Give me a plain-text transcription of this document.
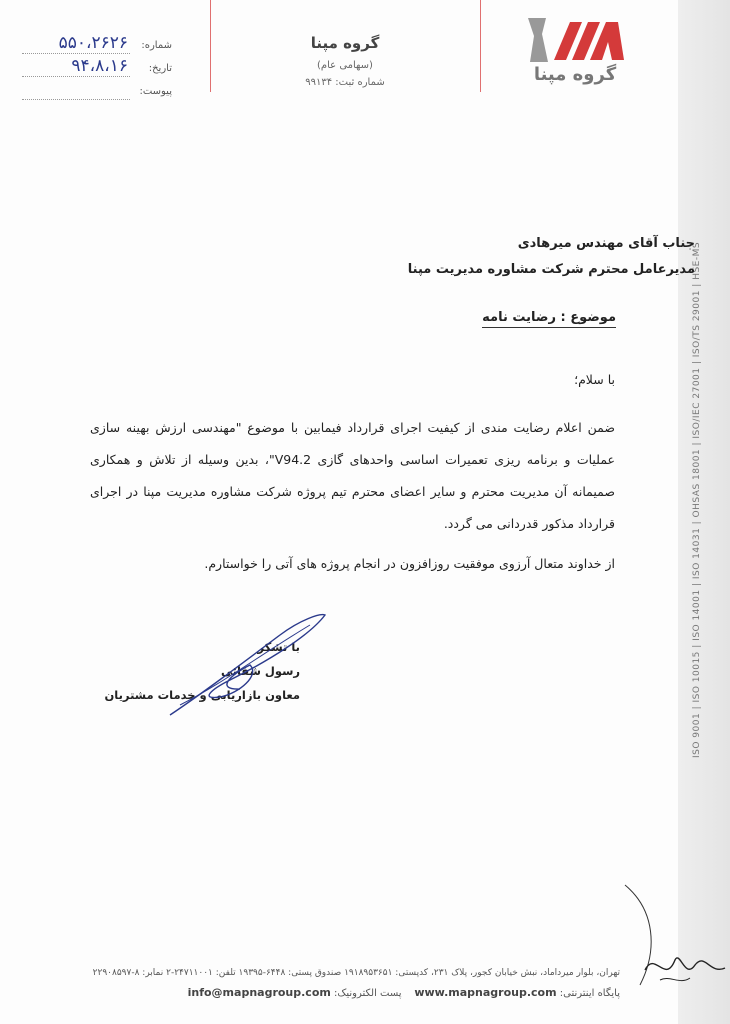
ISO 9001 | ISO 10015 | ISO 14001 | ISO 14031 | OHSAS 18001 | ISO/IEC 27001 | ISO/TS 29001 | HSE-MS
شماره:
۵۵۰،۲۶۲۶
تاریخ:
۹۴،۸،۱۶
پیوست:
گروه مپنا
(سهامی عام)
شماره ثبت: ۹۹۱۳۴	گروه مپنا
جناب آقای مهندس میرهادی
مدیرعامل محترم شرکت مشاوره مدیریت مپنا
موضوع : رضایت نامه
با سلام؛
ضمن اعلام رضایت مندی از کیفیت اجرای قرارداد فیمابین با موضوع "مهندسی ارزش بهینه سازی عملیات و برنامه ریزی تعمیرات اساسی واحدهای گازی V94.2"، بدین وسیله از تلاش و همکاری صمیمانه آن مدیریت محترم و سایر اعضای محترم تیم پروژه شرکت مشاوره مدیریت مپنا در اجرای قرارداد مذکور قدردانی می گردد.
از خداوند متعال آرزوی موفقیت روزافزون در انجام پروژه های آتی را خواستارم.
با تشکر
رسول شفائی
معاون بازاریابی و خدمات مشتریان
تهران، بلوار میرداماد، نبش خیابان کجور، پلاک ۲۳۱، کدپستی: ۱۹۱۸۹۵۳۶۵۱ صندوق پستی: ۶۴۴۸-۱۹۳۹۵ تلفن: ۲۴۷۱۱۰۰۱-۲ نمابر: ۸-۲۲۹۰۸۵۹۷
پایگاه اینترنتی: www.mapnagroup.com    پست الکترونیک: info@mapnagroup.com
